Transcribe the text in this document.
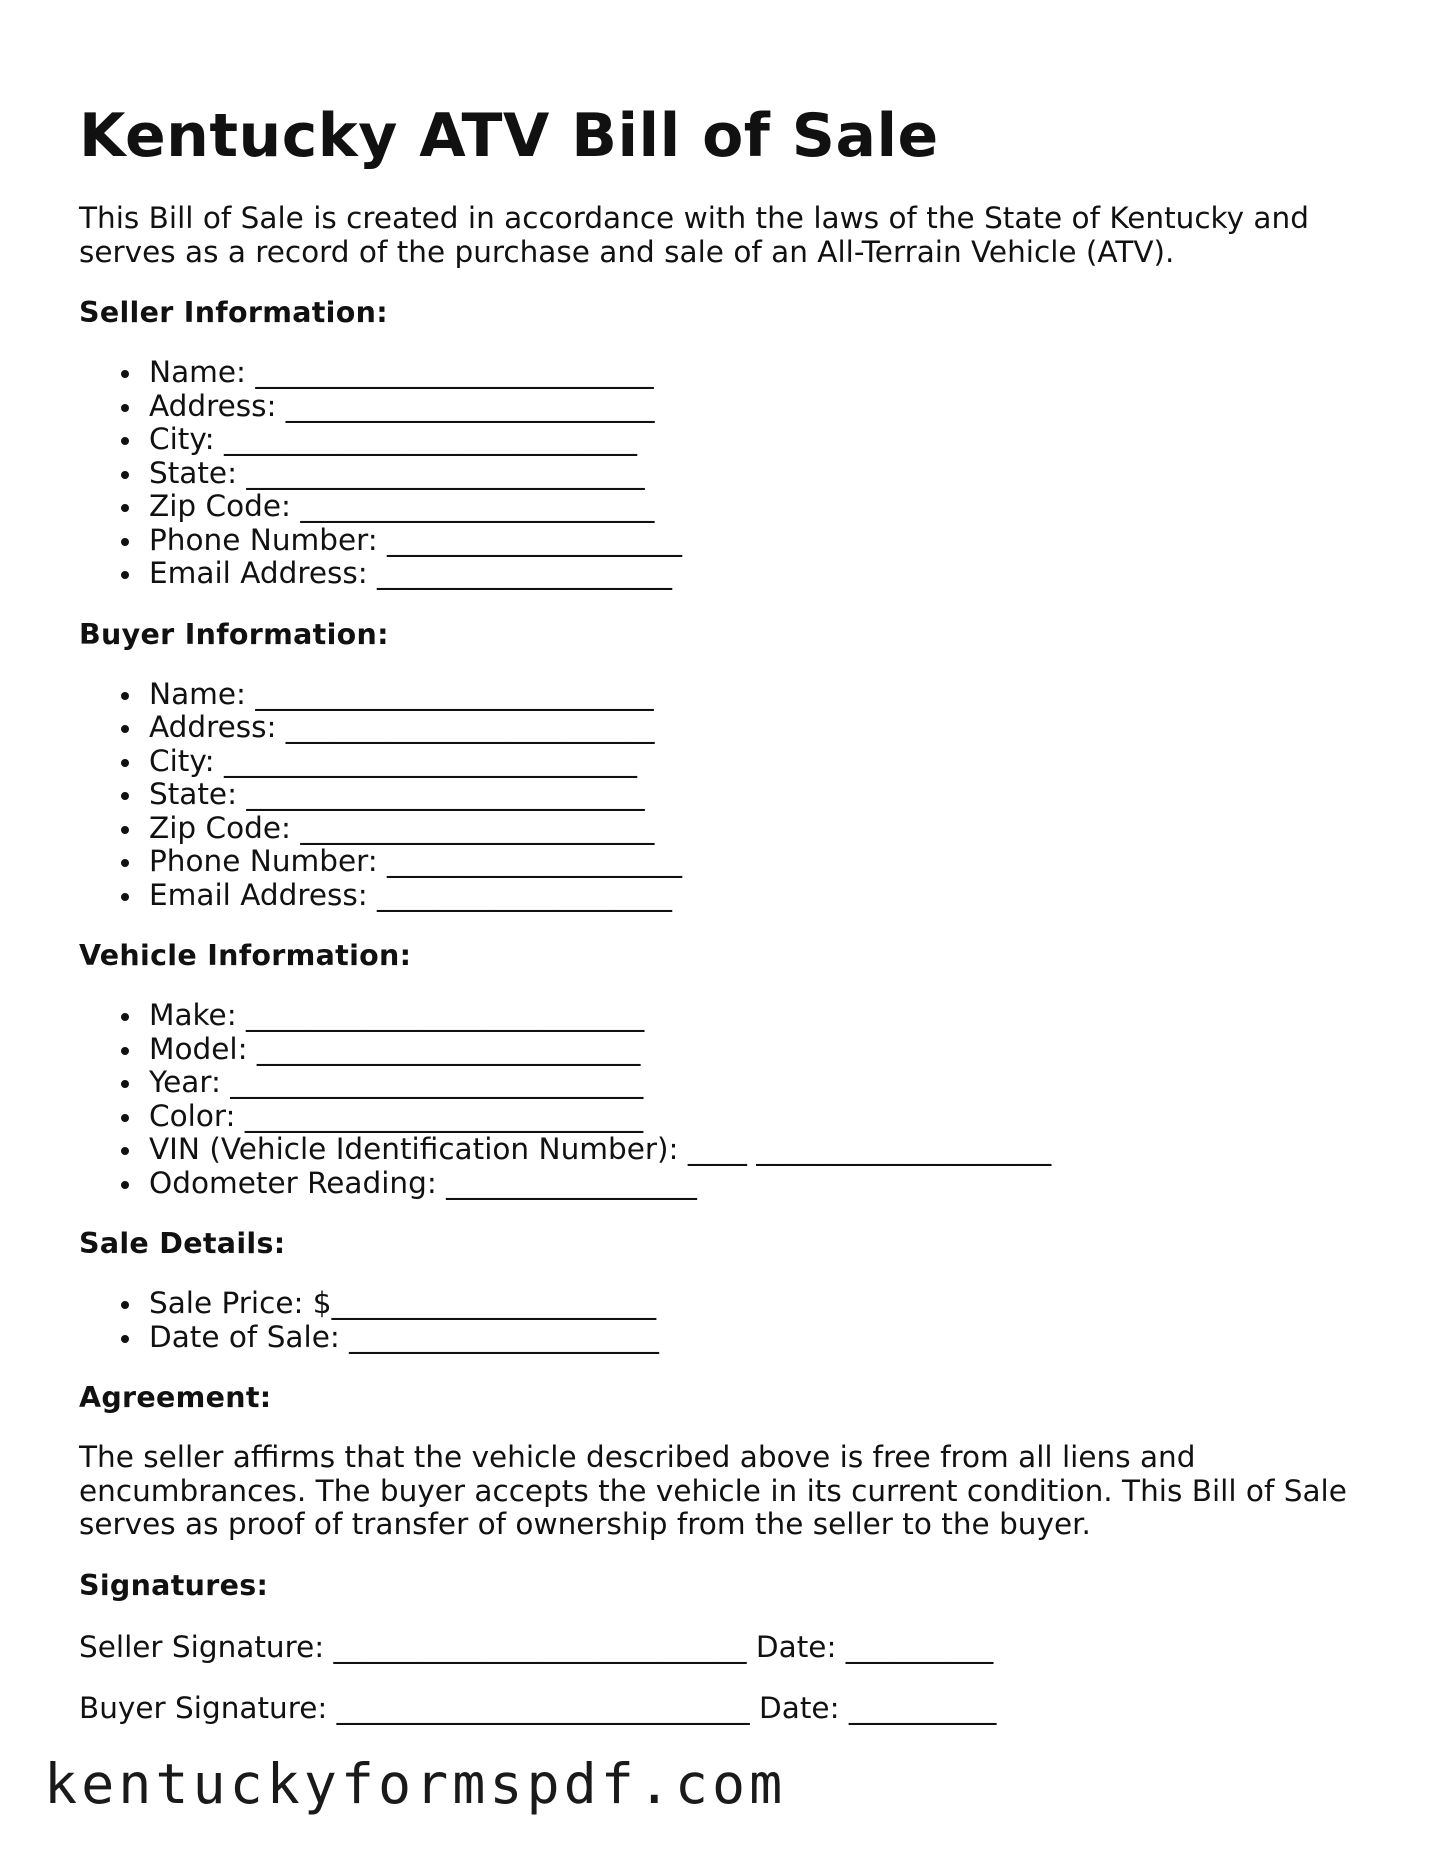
Kentucky ATV Bill of Sale

This Bill of Sale is created in accordance with the laws of the State of Kentucky and serves as a record of the purchase and sale of an All-Terrain Vehicle (ATV).

Seller Information:
Name: ___________________________
Address: _________________________
City: ____________________________
State: ___________________________
Zip Code: ________________________
Phone Number: ____________________
Email Address: ____________________
Buyer Information:
Name: ___________________________
Address: _________________________
City: ____________________________
State: ___________________________
Zip Code: ________________________
Phone Number: ____________________
Email Address: ____________________
Vehicle Information:
Make: ___________________________
Model: __________________________
Year: ____________________________
Color: ___________________________
VIN (Vehicle Identification Number): ____ ____________________
Odometer Reading: _________________
Sale Details:
Sale Price: $______________________
Date of Sale: _____________________
Agreement:

The seller affirms that the vehicle described above is free from all liens and encumbrances. The buyer accepts the vehicle in its current condition. This Bill of Sale serves as proof of transfer of ownership from the seller to the buyer.

Signatures:
Seller Signature: ____________________________ Date: __________
Buyer Signature: ____________________________ Date: __________
kentuckyformspdf.com
